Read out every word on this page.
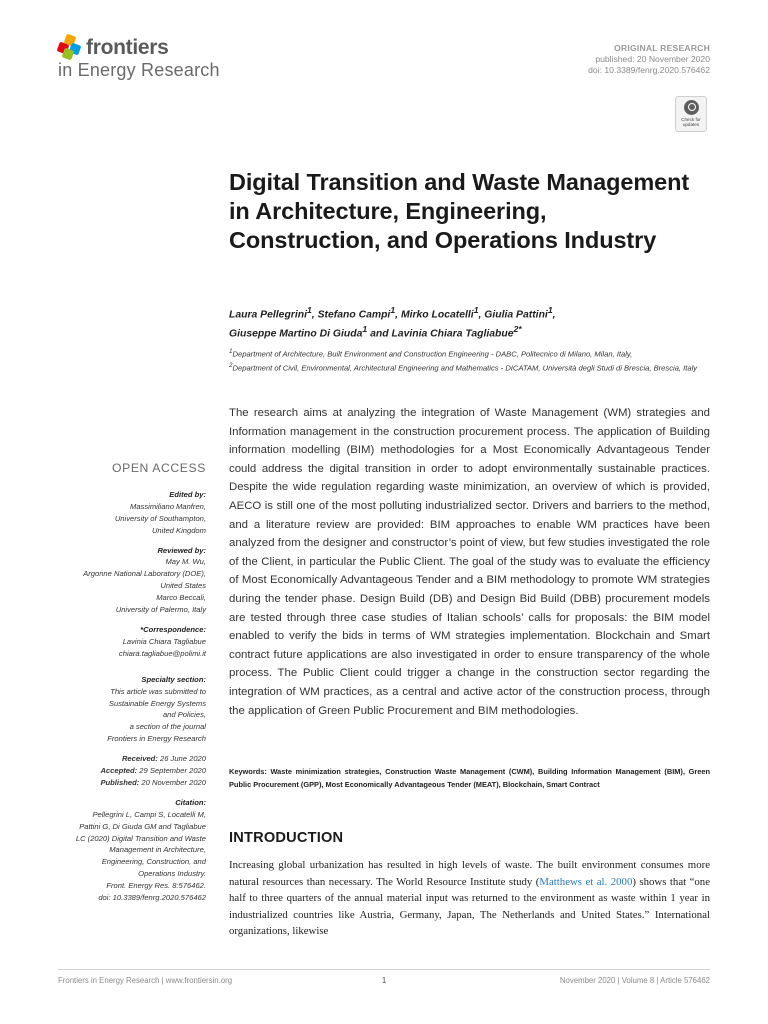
frontiers
in Energy Research
ORIGINAL RESEARCH
published: 20 November 2020
doi: 10.3389/fenrg.2020.576462
Check for updates
Digital Transition and Waste Management in Architecture, Engineering, Construction, and Operations Industry
Laura Pellegrini$^1$, Stefano Campi$^1$, Mirko Locatelli$^1$, Giulia Pattini$^1$,
Giuseppe Martino Di Giuda$^1$ and Lavinia Chiara Tagliabue$^{2*}$
$^1$Department of Architecture, Built Environment and Construction Engineering - DABC, Politecnico di Milano, Milan, Italy,
$^2$Department of Civil, Environmental, Architectural Engineering and Mathematics - DICATAM, Università degli Studi di Brescia, Brescia, Italy

The research aims at analyzing the integration of Waste Management (WM) strategies and Information management in the construction procurement process. The application of Building information modelling (BIM) methodologies for a Most Economically Advantageous Tender could address the digital transition in order to adopt environmentally sustainable practices. Despite the wide regulation regarding waste minimization, an overview of which is provided, AECO is still one of the most polluting industrialized sector. Drivers and barriers to the method, and a literature review are provided: BIM approaches to enable WM practices have been analyzed from the designer and constructor’s point of view, but few studies investigated the role of the Client, in particular the Public Client. The goal of the study was to evaluate the efficiency of Most Economically Advantageous Tender and a BIM methodology to promote WM strategies during the tender phase. Design Build (DB) and Design Bid Build (DBB) procurement models are tested through three case studies of Italian schools’ calls for proposals: the BIM model enabled to verify the bids in terms of WM strategies implementation. Blockchain and Smart contract future applications are also investigated in order to ensure transparency of the whole process. The Public Client could trigger a change in the construction sector regarding the integration of WM practices, as a central and active actor of the construction process, through the application of Green Public Procurement and BIM methodologies.

Keywords: Waste minimization strategies, Construction Waste Management (CWM), Building Information Management (BIM), Green Public Procurement (GPP), Most Economically Advantageous Tender (MEAT), Blockchain, Smart Contract

INTRODUCTION

Increasing global urbanization has resulted in high levels of waste. The built environment consumes more natural resources than necessary. The World Resource Institute study (Matthews et al. 2000) shows that “one half to three quarters of the annual material input was returned to the environment as waste within 1 year in industrialized countries like Austria, Germany, Japan, The Netherlands and United States.” International organizations, likewise

OPEN ACCESS
Edited by:
Massimiliano Manfren,
University of Southampton,
United Kingdom
Reviewed by:
May M. Wu,
Argonne National Laboratory (DOE),
United States
Marco Beccali,
University of Palermo, Italy
*Correspondence:
Lavinia Chiara Tagliabue
chiara.tagliabue@polimi.it
Specialty section:
This article was submitted to
Sustainable Energy Systems
and Policies,
a section of the journal
Frontiers in Energy Research
Received: 26 June 2020
Accepted: 29 September 2020
Published: 20 November 2020
Citation:
Pellegrini L, Campi S, Locatelli M,
Pattini G, Di Giuda GM and Tagliabue
LC (2020) Digital Transition and Waste
Management in Architecture,
Engineering, Construction, and
Operations Industry.
Front. Energy Res. 8:576462.
doi: 10.3389/fenrg.2020.576462
Frontiers in Energy Research | www.frontiersin.org	1	November 2020 | Volume 8 | Article 576462
